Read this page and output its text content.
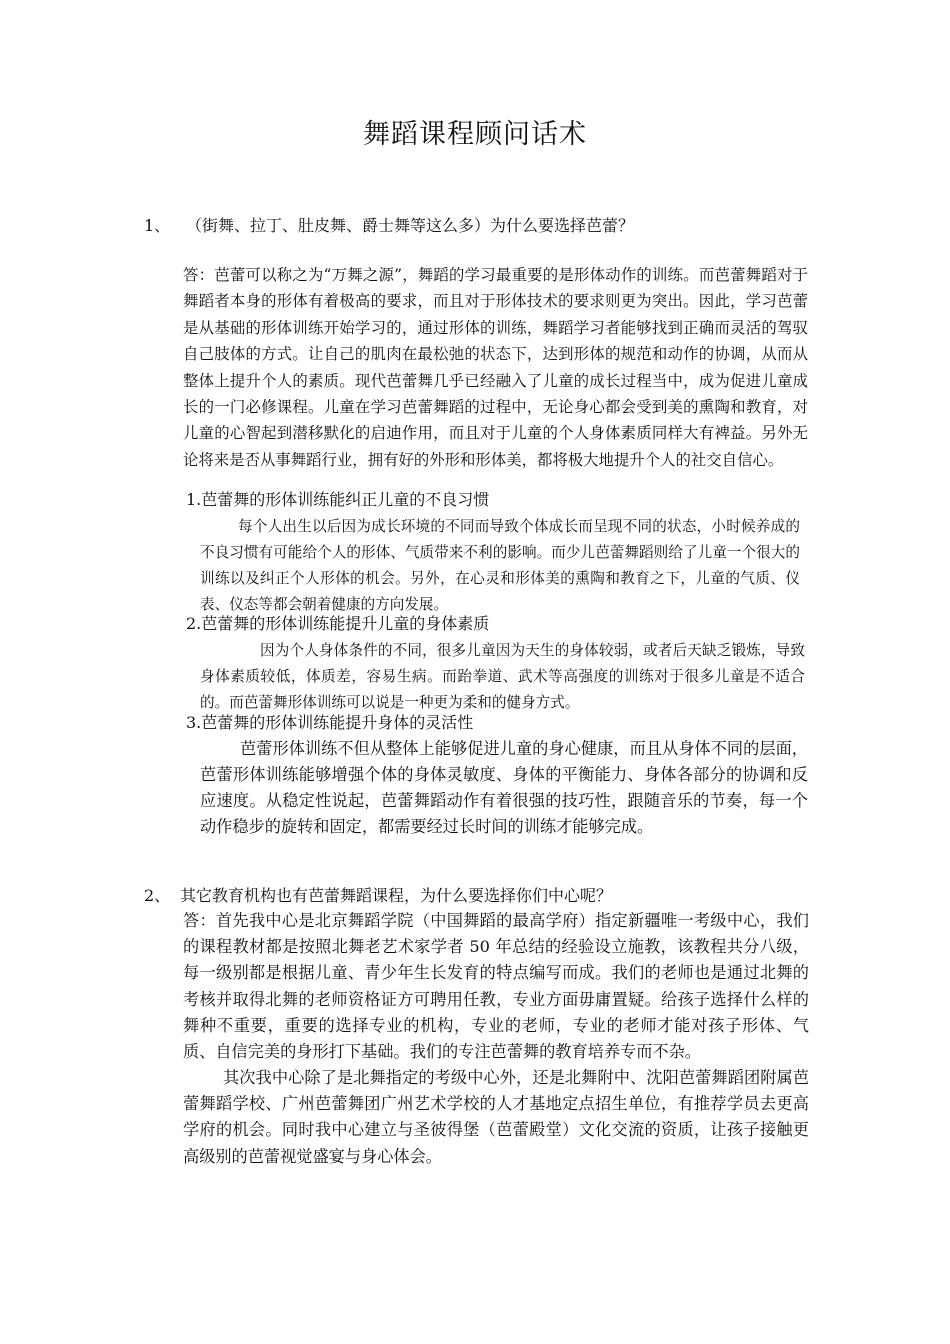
舞蹈课程顾问话术
1、 （街舞、拉丁、肚皮舞、爵士舞等这么多）为什么要选择芭蕾？
答：芭蕾可以称之为“万舞之源”，舞蹈的学习最重要的是形体动作的训练。而芭蕾舞蹈对于舞蹈者本身的形体有着极高的要求，而且对于形体技术的要求则更为突出。因此，学习芭蕾是从基础的形体训练开始学习的，通过形体的训练，舞蹈学习者能够找到正确而灵活的驾驭自己肢体的方式。让自己的肌肉在最松弛的状态下，达到形体的规范和动作的协调，从而从整体上提升个人的素质。现代芭蕾舞几乎已经融入了儿童的成长过程当中，成为促进儿童成长的一门必修课程。儿童在学习芭蕾舞蹈的过程中，无论身心都会受到美的熏陶和教育，对儿童的心智起到潜移默化的启迪作用，而且对于儿童的个人身体素质同样大有裨益。另外无论将来是否从事舞蹈行业，拥有好的外形和形体美，都将极大地提升个人的社交自信心。
1.芭蕾舞的形体训练能纠正儿童的不良习惯
每个人出生以后因为成长环境的不同而导致个体成长而呈现不同的状态，小时候养成的不良习惯有可能给个人的形体、气质带来不利的影响。而少儿芭蕾舞蹈则给了儿童一个很大的训练以及纠正个人形体的机会。另外，在心灵和形体美的熏陶和教育之下，儿童的气质、仪表、仪态等都会朝着健康的方向发展。
2.芭蕾舞的形体训练能提升儿童的身体素质
因为个人身体条件的不同，很多儿童因为天生的身体较弱，或者后天缺乏锻炼，导致身体素质较低，体质差，容易生病。而跆拳道、武术等高强度的训练对于很多儿童是不适合的。而芭蕾舞形体训练可以说是一种更为柔和的健身方式。
3.芭蕾舞的形体训练能提升身体的灵活性
芭蕾形体训练不但从整体上能够促进儿童的身心健康，而且从身体不同的层面，芭蕾形体训练能够增强个体的身体灵敏度、身体的平衡能力、身体各部分的协调和反应速度。从稳定性说起，芭蕾舞蹈动作有着很强的技巧性，跟随音乐的节奏，每一个动作稳步的旋转和固定，都需要经过长时间的训练才能够完成。
2、 其它教育机构也有芭蕾舞蹈课程，为什么要选择你们中心呢？
答：首先我中心是北京舞蹈学院（中国舞蹈的最高学府）指定新疆唯一考级中心，我们的课程教材都是按照北舞老艺术家学者 50 年总结的经验设立施教，该教程共分八级，每一级别都是根据儿童、青少年生长发育的特点编写而成。我们的老师也是通过北舞的考核并取得北舞的老师资格证方可聘用任教，专业方面毋庸置疑。给孩子选择什么样的舞种不重要，重要的选择专业的机构，专业的老师，专业的老师才能对孩子形体、气质、自信完美的身形打下基础。我们的专注芭蕾舞的教育培养专而不杂。
其次我中心除了是北舞指定的考级中心外，还是北舞附中、沈阳芭蕾舞蹈团附属芭蕾舞蹈学校、广州芭蕾舞团广州艺术学校的人才基地定点招生单位，有推荐学员去更高学府的机会。同时我中心建立与圣彼得堡（芭蕾殿堂）文化交流的资质，让孩子接触更高级别的芭蕾视觉盛宴与身心体会。
